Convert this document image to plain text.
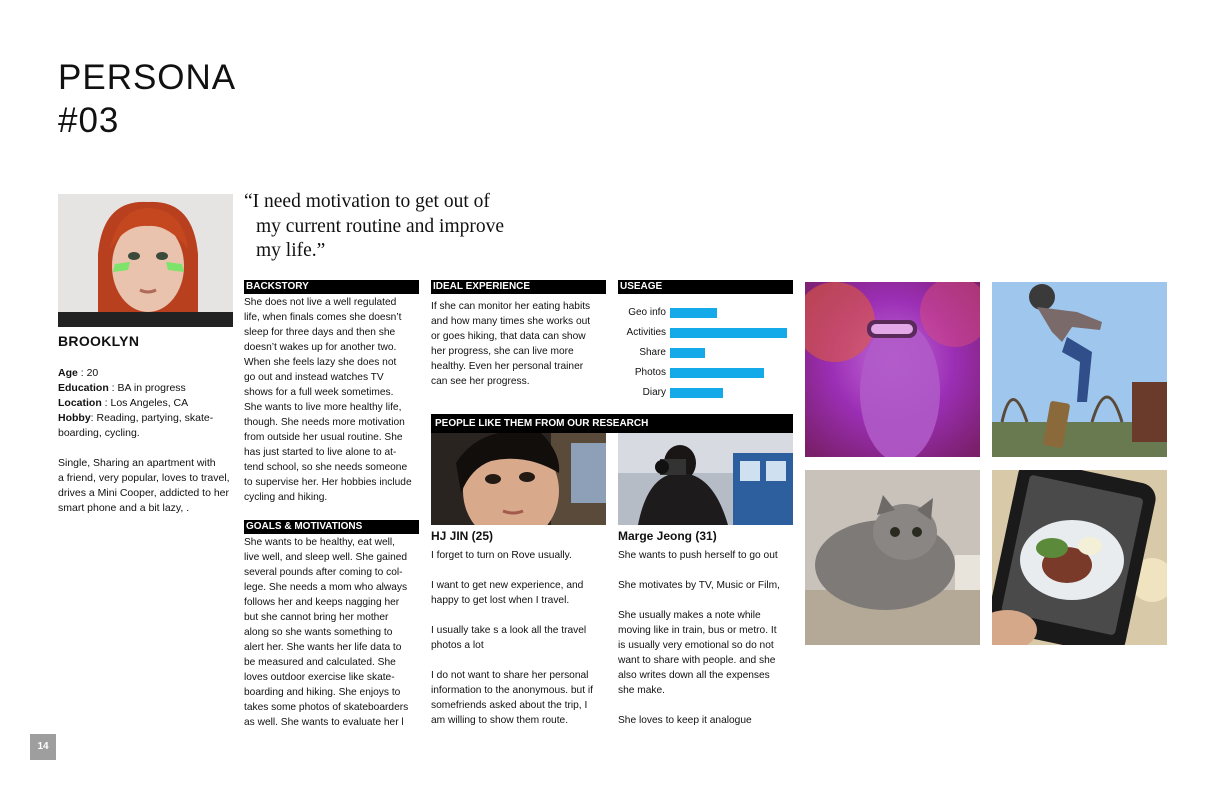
PERSONA
#03
“I need motivation to get out of
my current routine and improve
my life.”
BROOKLYN
Age : 20
Education : BA in progress
Location : Los Angeles, CA
Hobby: Reading, partying, skate-
boarding, cycling.
Single, Sharing an apartment with
a friend, very popular, loves to travel,
drives a Mini Cooper, addicted to her
smart phone and a bit lazy, .
BACKSTORY
She does not live a well regulated
life, when finals comes she doesn’t
sleep for three days and then she
doesn’t wakes up for another two.
When she feels lazy she does not
go out and instead watches TV
shows for a full week sometimes.
She wants to live more healthy life,
though. She needs more motivation
from outside her usual routine. She
has just started to live alone to at-
tend school, so she needs someone
to supervise her. Her hobbies include
cycling and hiking.
GOALS & MOTIVATIONS
She wants to be healthy, eat well,
live well, and sleep well. She gained
several pounds after coming to col-
lege. She needs a mom who always
follows her and keeps nagging her
but she cannot bring her mother
along so she wants something to
alert her. She wants her life data to
be measured and calculated. She
loves outdoor exercise like skate-
boarding and hiking. She enjoys to
takes some photos of skateboarders
as well. She wants to evaluate her l
IDEAL EXPERIENCE
If she can monitor her eating habits
and how many times she works out
or goes hiking, that data can show
her progress, she can live more
healthy. Even her personal trainer
can see her progress.
USEAGE
Geo info
Activities
Share
Photos
Diary
PEOPLE LIKE THEM FROM OUR RESEARCH
HJ JIN (25)	Marge Jeong (31)
I forget to turn on Rove usually.
I want to get new experience, and
happy to get lost when I travel.
I usually take s a look all the travel
photos a lot
I do not want to share her personal
information to the anonymous. but if
somefriends asked about the trip, I
am willing to show them route.
She wants to push herself to go out
She motivates by TV, Music or Film,
She usually makes a note while
moving like in train, bus or metro. It
is usually very emotional so do not
want to share with people. and she
also writes down all the expenses
she make.
She loves to keep it analogue
14
